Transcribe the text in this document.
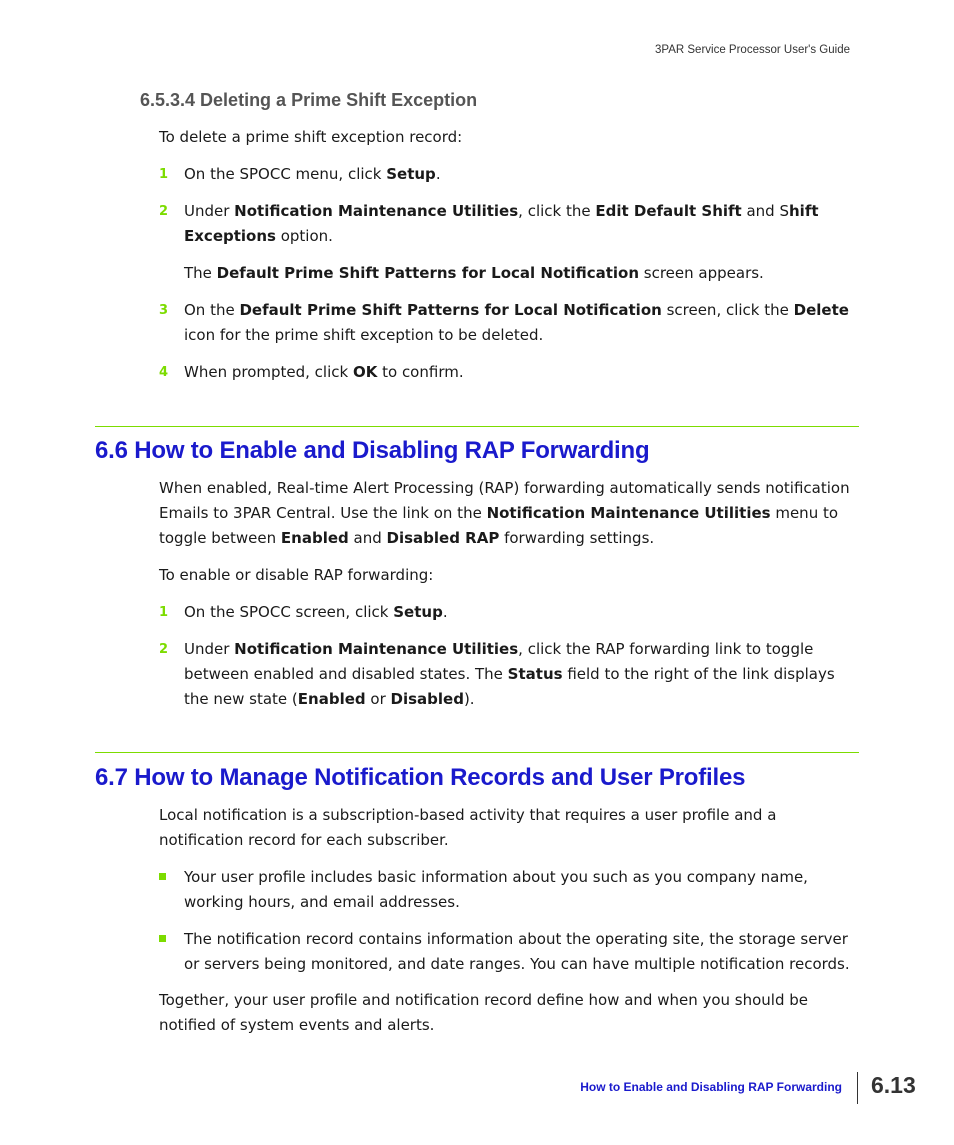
3PAR Service Processor User's Guide
6.5.3.4 Deleting a Prime Shift Exception
To delete a prime shift exception record:
1 On the SPOCC menu, click Setup.
2 Under Notification Maintenance Utilities, click the Edit Default Shift and Shift Exceptions option.
The Default Prime Shift Patterns for Local Notification screen appears.
3 On the Default Prime Shift Patterns for Local Notification screen, click the Delete icon for the prime shift exception to be deleted.
4 When prompted, click OK to confirm.
6.6 How to Enable and Disabling RAP Forwarding
When enabled, Real-time Alert Processing (RAP) forwarding automatically sends notification Emails to 3PAR Central. Use the link on the Notification Maintenance Utilities menu to toggle between Enabled and Disabled RAP forwarding settings.
To enable or disable RAP forwarding:
1 On the SPOCC screen, click Setup.
2 Under Notification Maintenance Utilities, click the RAP forwarding link to toggle between enabled and disabled states. The Status field to the right of the link displays the new state (Enabled or Disabled).
6.7 How to Manage Notification Records and User Profiles
Local notification is a subscription-based activity that requires a user profile and a notification record for each subscriber.
Your user profile includes basic information about you such as you company name, working hours, and email addresses.
The notification record contains information about the operating site, the storage server or servers being monitored, and date ranges. You can have multiple notification records.
Together, your user profile and notification record define how and when you should be notified of system events and alerts.
How to Enable and Disabling RAP Forwarding 6.13
